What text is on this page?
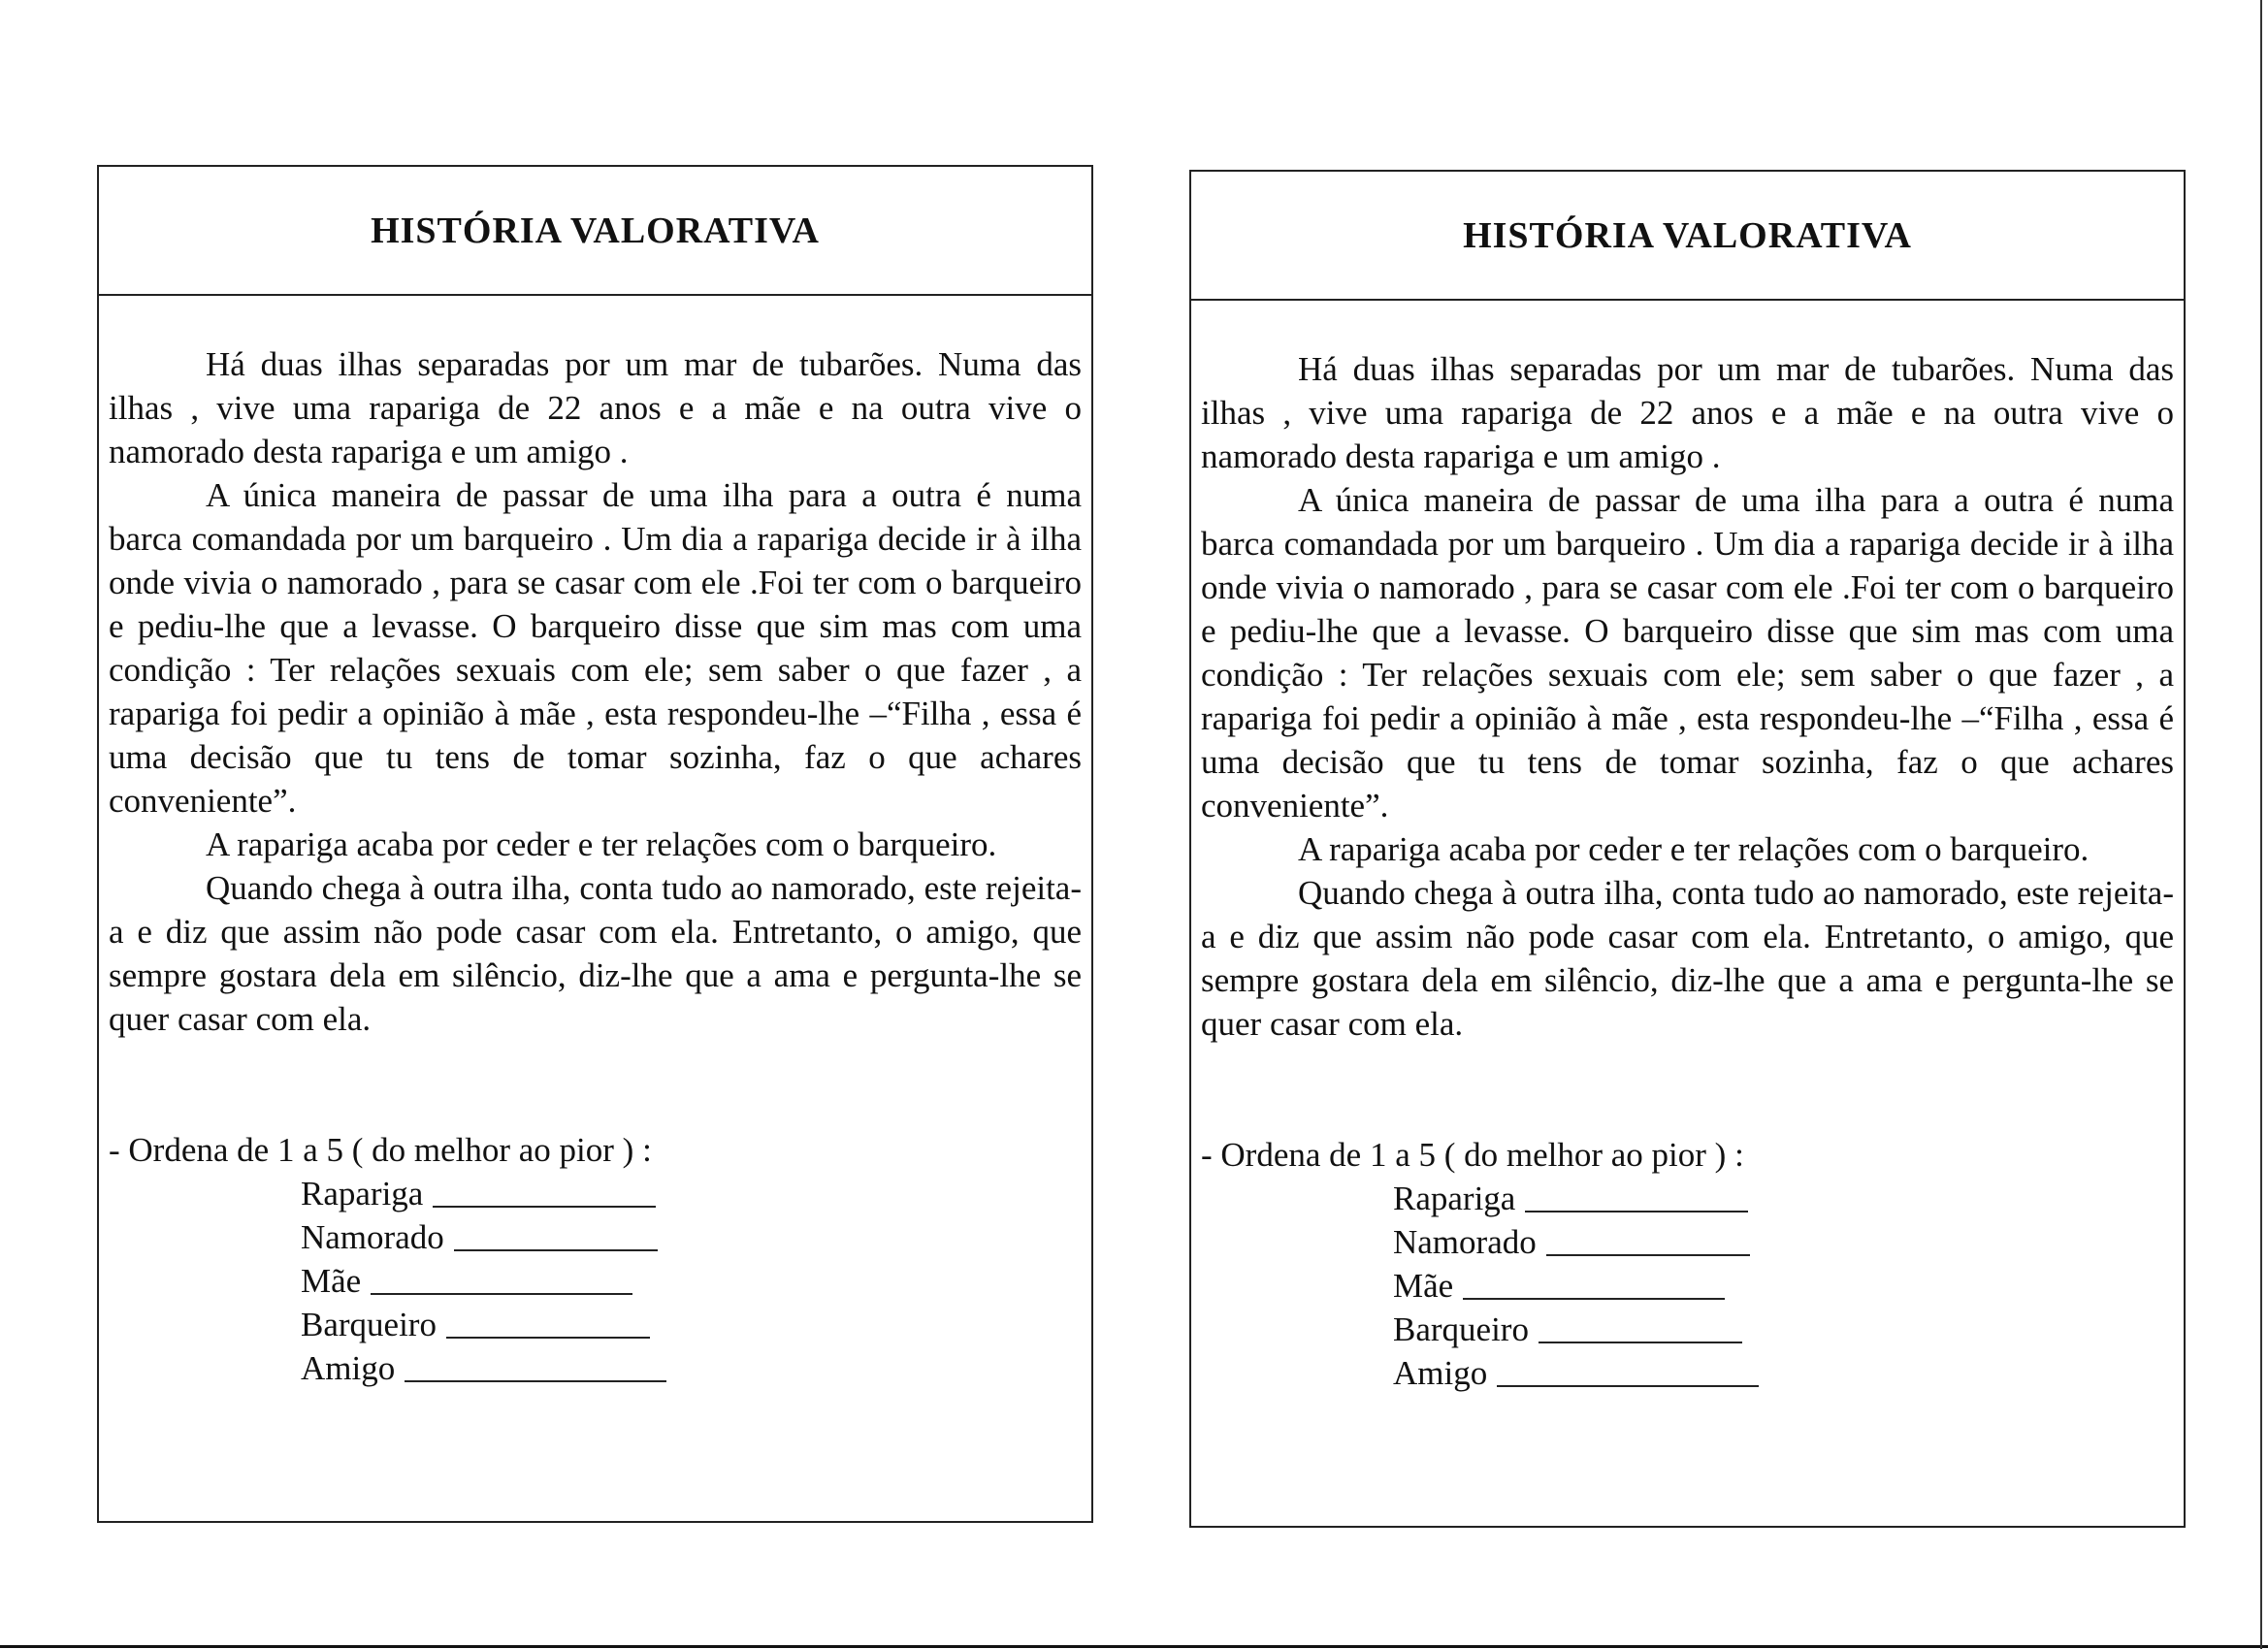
HISTÓRIA VALORATIVA

Há duas ilhas separadas por um mar de tubarões. Numa das ilhas , vive uma rapariga de 22 anos e a mãe e na outra vive o namorado desta rapariga e um amigo .

A única maneira de passar de uma ilha para a outra é numa barca comandada por um barqueiro . Um dia a rapariga decide ir à ilha onde vivia o namorado , para se casar com ele .Foi ter com o barqueiro e pediu-lhe que a levasse. O barqueiro disse que sim mas com uma condição : Ter relações sexuais com ele; sem saber o que fazer , a rapariga foi pedir a opinião à mãe , esta respondeu-lhe –“Filha , essa é uma decisão que tu tens de tomar sozinha, faz o que achares conveniente”.

A rapariga acaba por ceder e ter relações com o barqueiro.

Quando chega à outra ilha, conta tudo ao namorado, este rejeita-a e diz que assim não pode casar com ela. Entretanto, o amigo, que sempre gostara dela em silêncio, diz-lhe que a ama e pergunta-lhe se quer casar com ela.

- Ordena de 1 a 5 ( do melhor ao pior ) :
Rapariga
Namorado
Mãe
Barqueiro
Amigo
HISTÓRIA VALORATIVA

Há duas ilhas separadas por um mar de tubarões. Numa das ilhas , vive uma rapariga de 22 anos e a mãe e na outra vive o namorado desta rapariga e um amigo .

A única maneira de passar de uma ilha para a outra é numa barca comandada por um barqueiro . Um dia a rapariga decide ir à ilha onde vivia o namorado , para se casar com ele .Foi ter com o barqueiro e pediu-lhe que a levasse. O barqueiro disse que sim mas com uma condição : Ter relações sexuais com ele; sem saber o que fazer , a rapariga foi pedir a opinião à mãe , esta respondeu-lhe –“Filha , essa é uma decisão que tu tens de tomar sozinha, faz o que achares conveniente”.

A rapariga acaba por ceder e ter relações com o barqueiro.

Quando chega à outra ilha, conta tudo ao namorado, este rejeita-a e diz que assim não pode casar com ela. Entretanto, o amigo, que sempre gostara dela em silêncio, diz-lhe que a ama e pergunta-lhe se quer casar com ela.

- Ordena de 1 a 5 ( do melhor ao pior ) :
Rapariga
Namorado
Mãe
Barqueiro
Amigo
